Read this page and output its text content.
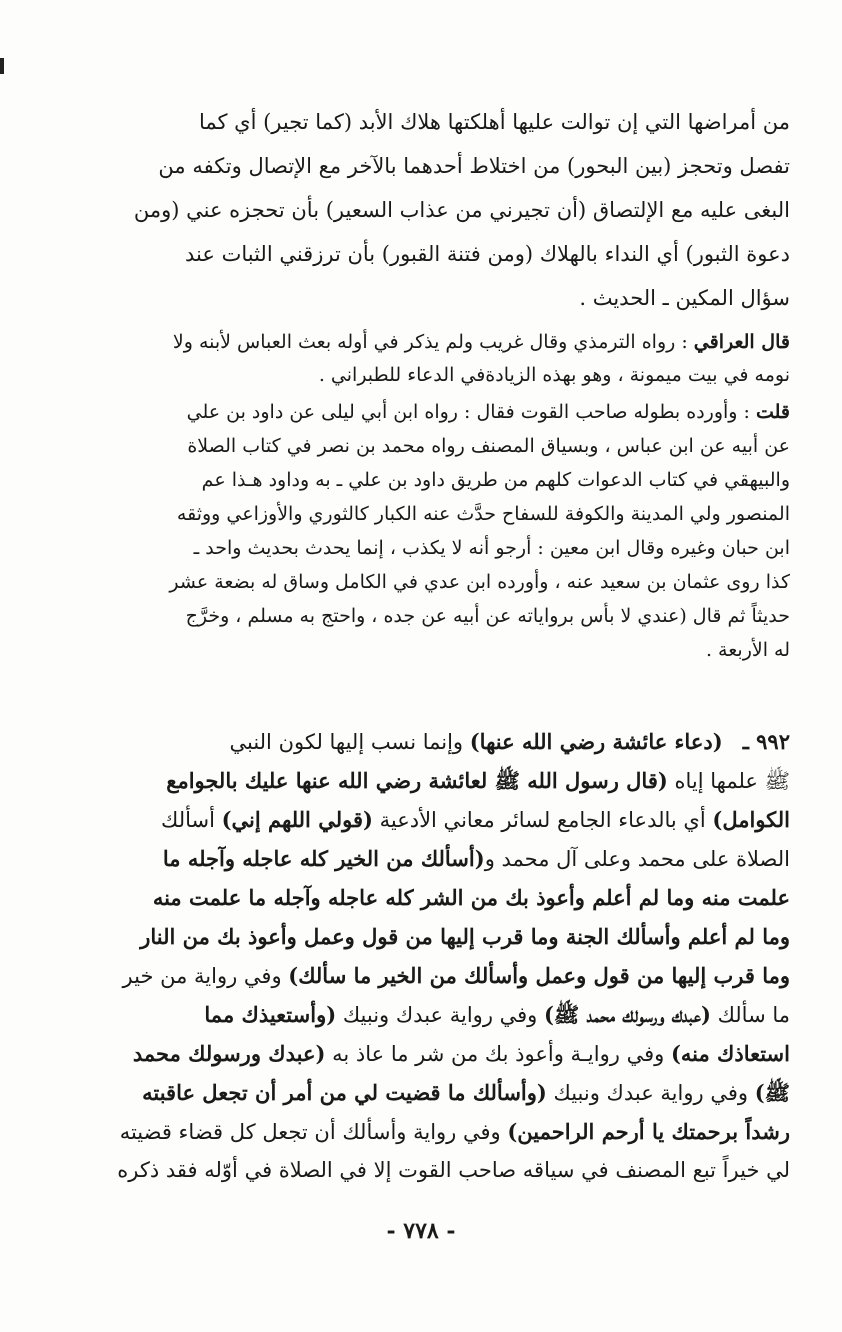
من أمراضها التي إن توالت عليها أهلكتها هلاك الأبد (كما تجير) أي كما
تفصل وتحجز (بين البحور) من اختلاط أحدهما بالآخر مع الإتصال وتكفه من
البغى عليه مع الإلتصاق (أن تجيرني من عذاب السعير) بأن تحجزه عني (ومن
دعوة الثبور) أي النداء بالهلاك (ومن فتنة القبور) بأن ترزقني الثبات عند
سؤال المكين ـ الحديث .
قال العراقي : رواه الترمذي وقال غريب ولم يذكر في أوله بعث العباس لأبنه ولا
نومه في بيت ميمونة ، وهو بهذه الزيادةفي الدعاء للطبراني .
قلت : وأورده بطوله صاحب القوت فقال : رواه ابن أبي ليلى عن داود بن علي
عن أبيه عن ابن عباس ، وبسياق المصنف رواه محمد بن نصر في كتاب الصلاة
والبيهقي في كتاب الدعوات كلهم من طريق داود بن علي ـ به وداود هـذا عم
المنصور ولي المدينة والكوفة للسفاح حدَّث عنه الكبار كالثوري والأوزاعي ووثقه
ابن حبان وغيره وقال ابن معين : أرجو أنه لا يكذب ، إنما يحدث بحديث واحد ـ
كذا روى عثمان بن سعيد عنه ، وأورده ابن عدي في الكامل وساق له بضعة عشر
حديثاً ثم قال (عندي لا بأس برواياته عن أبيه عن جده ، واحتج به مسلم ، وخرَّج
له الأربعة .
٩٩٢ ـ   (دعاء عائشة رضي الله عنها) وإنما نسب إليها لكون النبي
ﷺ علمها إياه (قال رسول الله ﷺ لعائشة رضي الله عنها عليك بالجوامع
الكوامل) أي بالدعاء الجامع لسائر معاني الأدعية (قولي اللهم إني) أسألك
الصلاة على محمد وعلى آل محمد و(أسألك من الخير كله عاجله وآجله ما
علمت منه وما لم أعلم وأعوذ بك من الشر كله عاجله وآجله ما علمت منه
وما لم أعلم وأسألك الجنة وما قرب إليها من قول وعمل وأعوذ بك من النار
وما قرب إليها من قول وعمل وأسألك من الخير ما سألك) وفي رواية من خير
ما سألك (عبدك ورسولك محمد ﷺ) وفي رواية عبدك ونبيك (وأستعيذك مما
استعاذك منه) وفي روايـة وأعوذ بك من شر ما عاذ به (عبدك ورسولك محمد
ﷺ) وفي رواية عبدك ونبيك (وأسألك ما قضيت لي من أمر أن تجعل عاقبته
رشداً برحمتك يا أرحم الراحمين) وفي رواية وأسألك أن تجعل كل قضاء قضيته
لي خيراً تبع المصنف في سياقه صاحب القوت إلا في الصلاة في أوّله فقد ذكره
- ٧٧٨ -
